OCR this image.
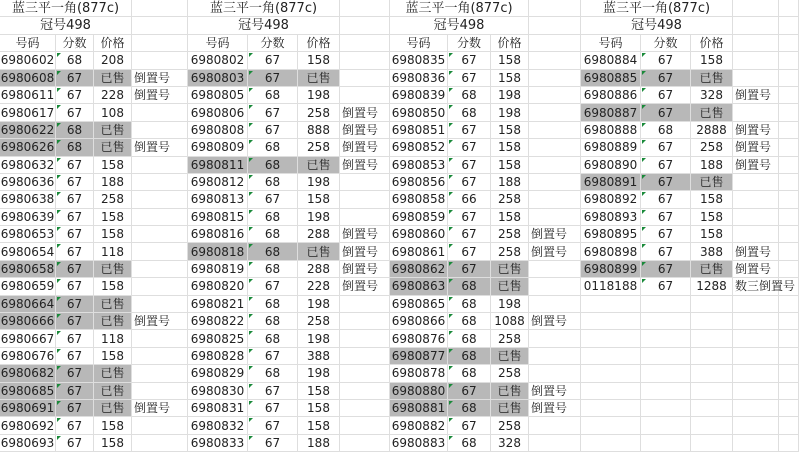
蓝三平一角(877c)	蓝三平一角(877c)	蓝三平一角(877c)	蓝三平一角(877c)
冠号498	冠号498	冠号498	冠号498
号码	分数	价格	号码	分数	价格	号码	分数	价格	号码	分数	价格
6980602	68	208	6980802	67	158	6980835	67	158	6980884	67	158
6980608	67	已售 倒置号	6980803	67	已售	6980836	67	158	6980885	67	已售
6980611	67	228 倒置号	6980805	68	198	6980839	68	198	6980886	67	328	倒置号
6980617	67	108	6980806	67	258	倒置号	6980850	68	198	6980887	67	已售
6980622	68	已售	6980808	67	888	倒置号	6980851	67	158	6980888	68	2888 倒置号
6980626	68	已售 倒置号	6980809	68	258	倒置号	6980852	67	158	6980889	67	258	倒置号
6980632	67	158	6980811	68	已售 倒置号	6980853	67	158	6980890	67	188	倒置号
6980636	67	188	6980812	68	198	6980856	67	188	6980891	67	已售
6980638	67	258	6980813	67	158	6980858	66	258	6980892	67	158
6980639	67	158	6980815	68	198	6980859	67	158	6980893	67	158
6980653	67	158	6980816	68	288	倒置号	6980860	67	258 倒置号	6980895	67	158
6980654	67	118	6980818	68	已售 倒置号	6980861	67	258 倒置号	6980898	67	388	倒置号
6980658	67	已售	6980819	68	288	倒置号	6980862	67	已售	6980899	67	已售 倒置号
6980659	67	158	6980820	67	228	倒置号	6980863	68	已售	0118188	67	1288 数三倒置号
6980664	67	已售	6980821	68	198	6980865	68	198
6980666	67	已售 倒置号	6980822	68	258	6980866	68	1088 倒置号
6980667	67	118	6980825	68	198	6980876	68	258
6980676	67	158	6980828	67	388	6980877	68	已售
6980682	67	已售	6980829	68	198	6980878	68	258
6980685	67	已售	6980830	67	158	6980880	67	已售 倒置号
6980691	67	已售 倒置号	6980831	67	158	6980881	68	已售 倒置号
6980692	67	158	6980832	67	158	6980882	67	258
6980693	67	158	6980833	67	188	6980883	68	328
